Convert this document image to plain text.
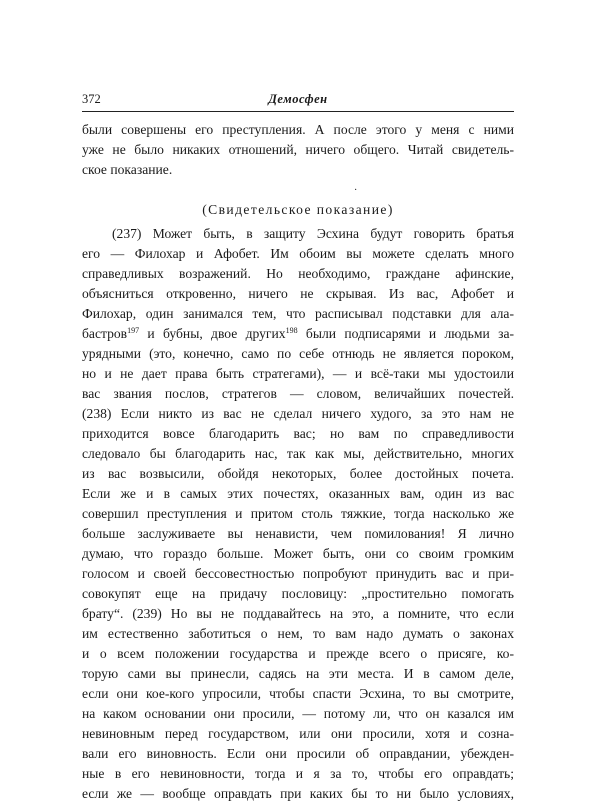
372	Демосфен
были совершены его преступления. А после этого у меня с ними
уже не было никаких отношений, ничего общего. Читай свидетель-
ское показание.
·
(Свидетельское показание)
(237) Может быть, в защиту Эсхина будут говорить братья
его — Филохар и Афобет. Им обоим вы можете сделать много
справедливых возражений. Но необходимо, граждане афинские,
объясниться откровенно, ничего не скрывая. Из вас, Афобет и
Филохар, один занимался тем, что расписывал подставки для ала-
бастров$^{197}$ и бубны, двое других$^{198}$ были подписарями и людьми за-
урядными (это, конечно, само по себе отнюдь не является пороком,
но и не дает права быть стратегами), — и всё-таки мы удостоили
вас звания послов, стратегов — словом, величайших почестей.
(238) Если никто из вас не сделал ничего худого, за это нам не
приходится вовсе благодарить вас; но вам по справедливости
следовало бы благодарить нас, так как мы, действительно, многих
из вас возвысили, обойдя некоторых, более достойных почета.
Если же и в самых этих почестях, оказанных вам, один из вас
совершил преступления и притом столь тяжкие, тогда насколько же
больше заслуживаете вы ненависти, чем помилования! Я лично
думаю, что гораздо больше. Может быть, они со своим громким
голосом и своей бессовестностью попробуют принудить вас и при-
совокупят еще на придачу пословицу: „простительно помогать
брату“. (239) Но вы не поддавайтесь на это, а помните, что если
им естественно заботиться о нем, то вам надо думать о законах
и о всем положении государства и прежде всего о присяге, ко-
торую сами вы принесли, садясь на эти места. И в самом деле,
если они кое-кого упросили, чтобы спасти Эсхина, то вы смотрите,
на каком основании они просили, — потому ли, что он казался им
невиновным перед государством, или они просили, хотя и созна-
вали его виновность. Если они просили об оправдании, убежден-
ные в его невиновности, тогда и я за то, чтобы его оправдать;
если же — вообще оправдать при каких бы то ни было условиях,
